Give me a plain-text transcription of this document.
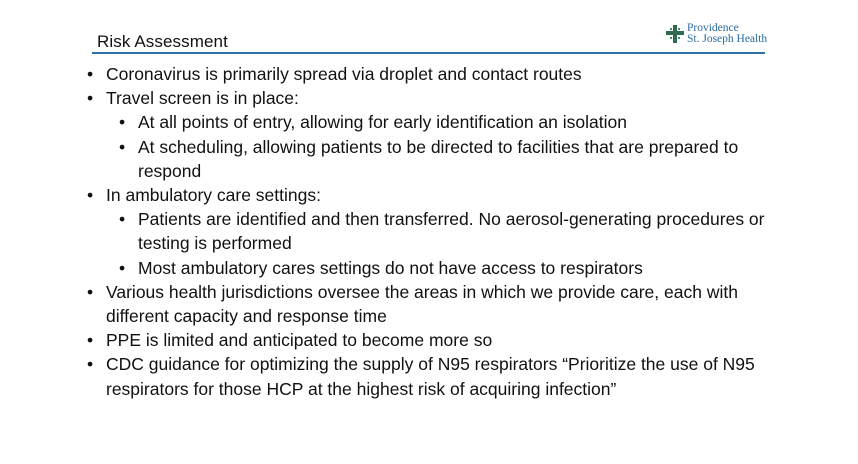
Risk Assessment
Providence
St. Joseph Health
• Coronavirus is primarily spread via droplet and contact routes
• Travel screen is in place:
• At all points of entry, allowing for early identification an isolation
• At scheduling, allowing patients to be directed to facilities that are prepared to respond
• In ambulatory care settings:
• Patients are identified and then transferred. No aerosol-generating procedures or testing is performed
• Most ambulatory cares settings do not have access to respirators
• Various health jurisdictions oversee the areas in which we provide care, each with different capacity and response time
• PPE is limited and anticipated to become more so
• CDC guidance for optimizing the supply of N95 respirators “Prioritize the use of N95 respirators for those HCP at the highest risk of acquiring infection”
